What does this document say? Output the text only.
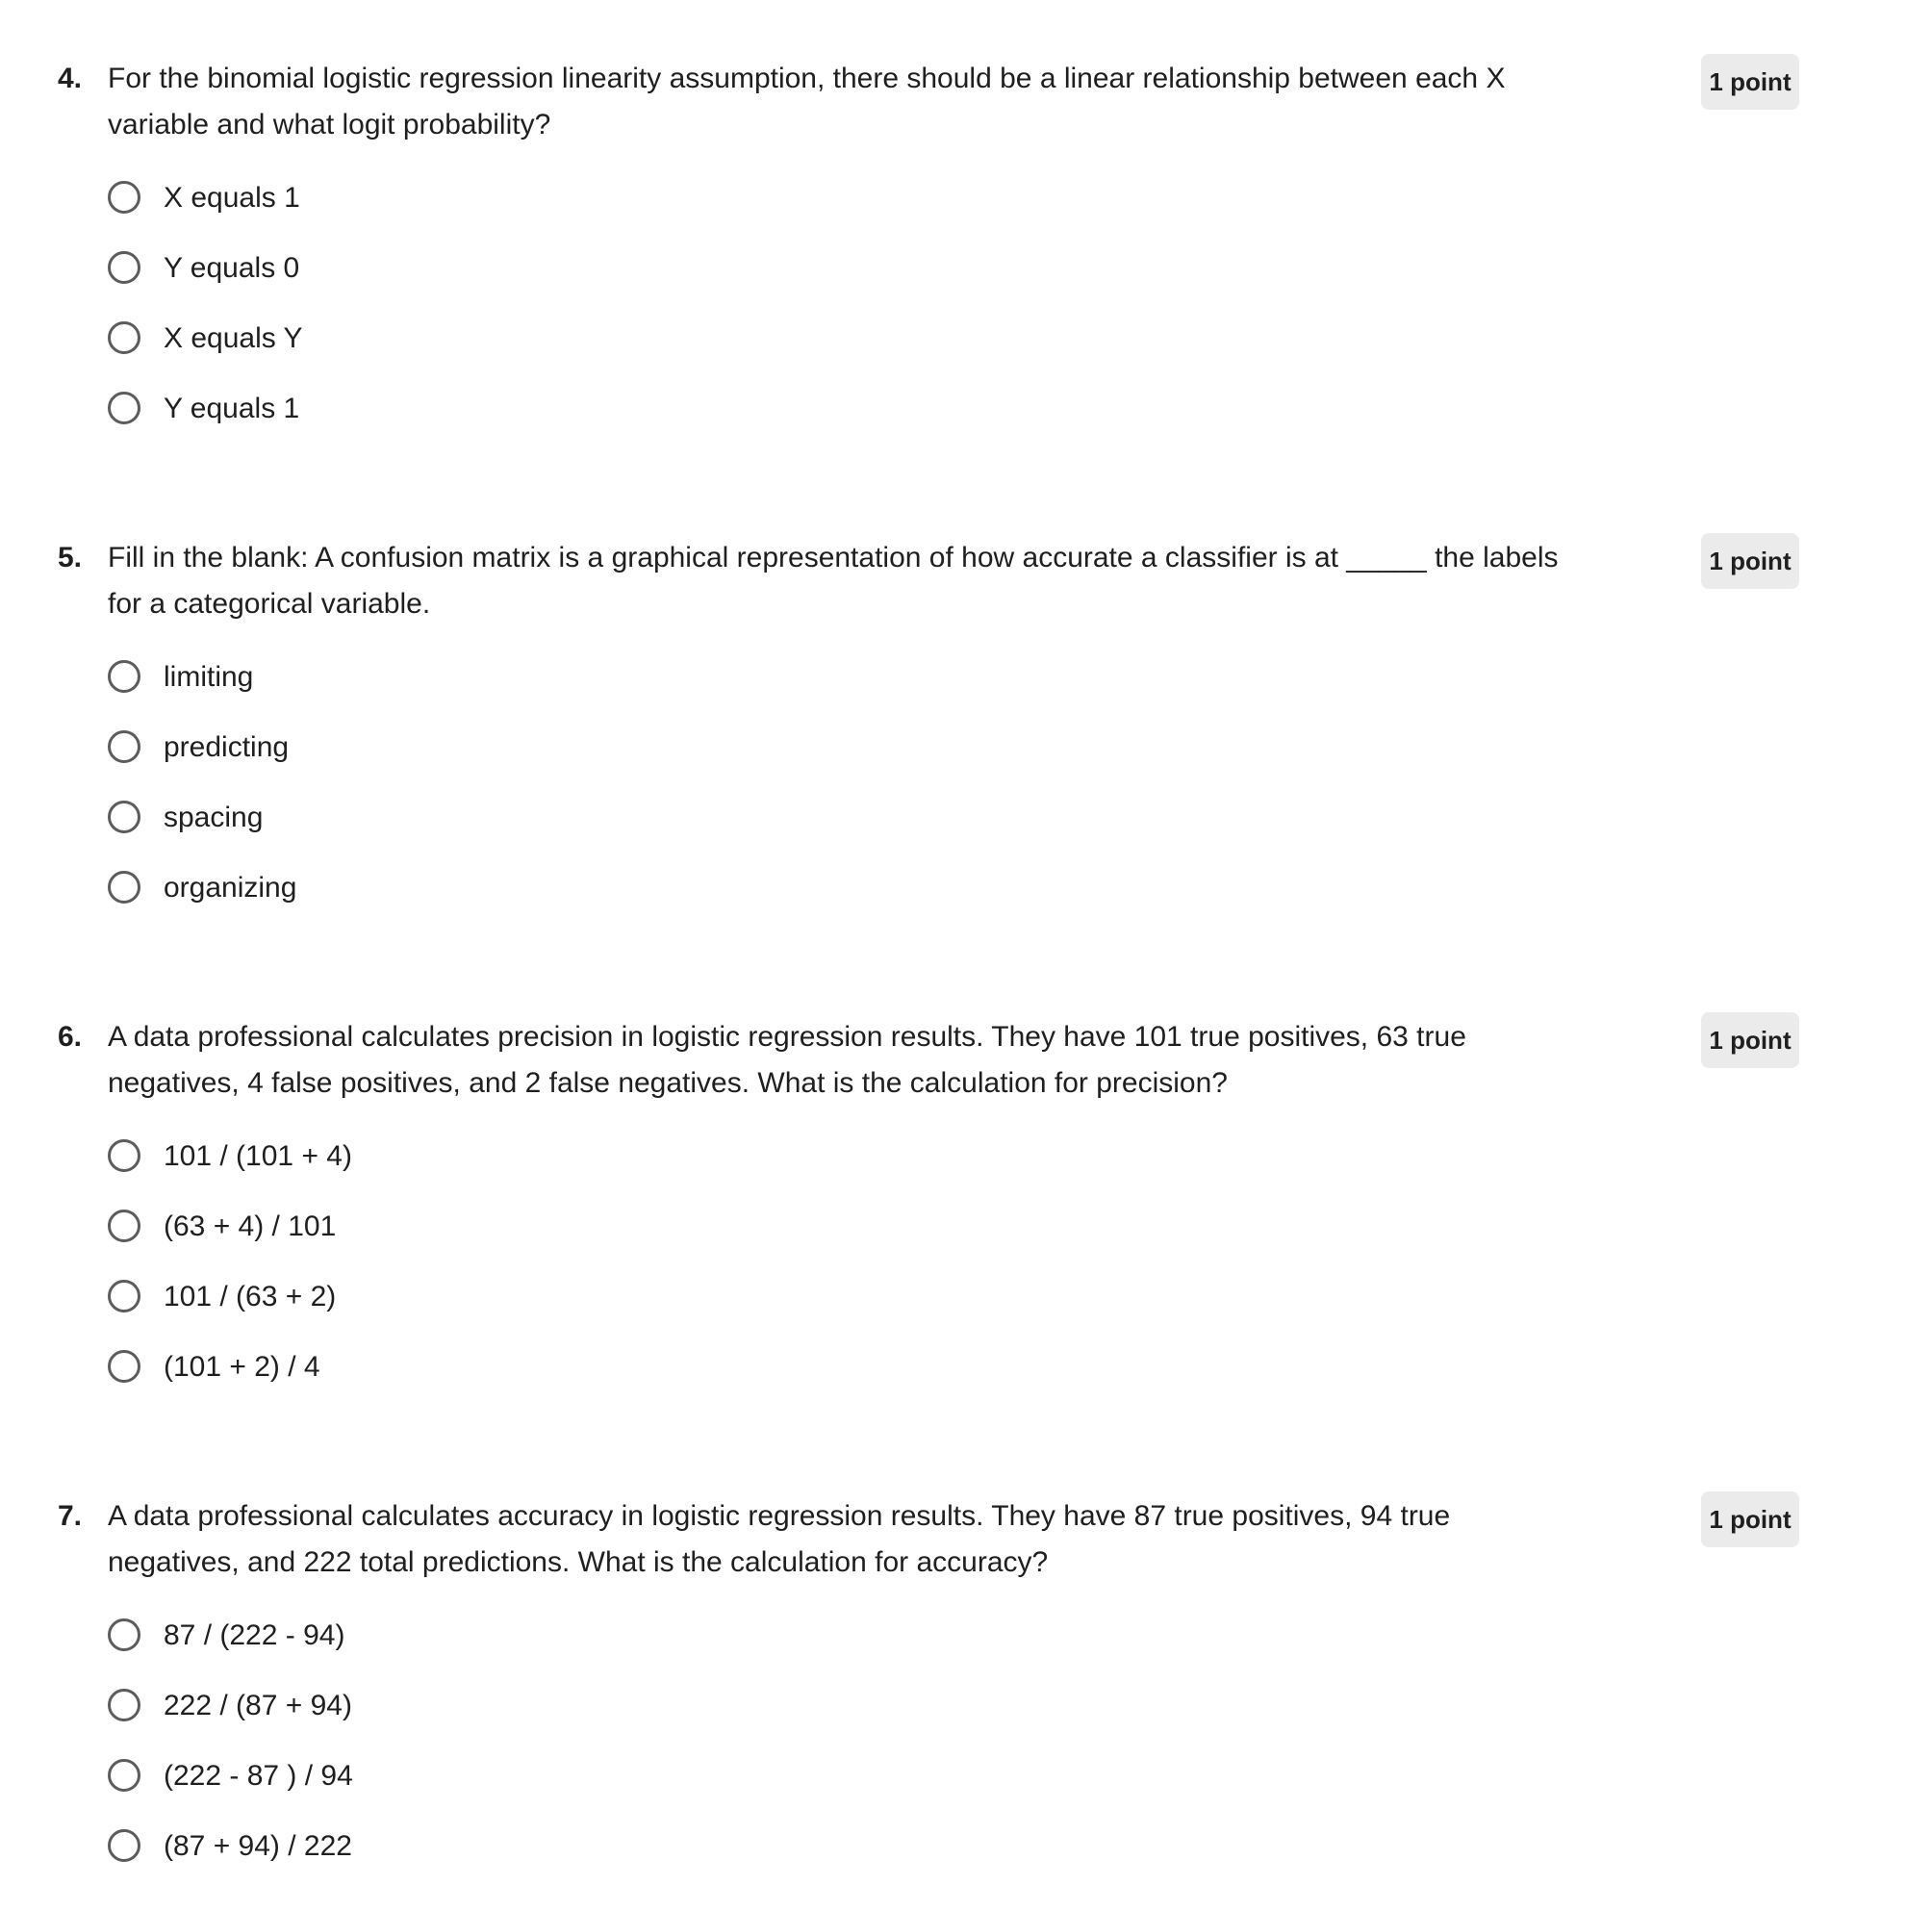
4. For the binomial logistic regression linearity assumption, there should be a linear relationship between each X variable and what logit probability?
1 point
X equals 1
Y equals 0
X equals Y
Y equals 1
5. Fill in the blank: A confusion matrix is a graphical representation of how accurate a classifier is at _____ the labels for a categorical variable.
1 point
limiting
predicting
spacing
organizing
6. A data professional calculates precision in logistic regression results. They have 101 true positives, 63 true negatives, 4 false positives, and 2 false negatives. What is the calculation for precision?
1 point
101 / (101 + 4)
(63 + 4) / 101
101 / (63 + 2)
(101 + 2) / 4
7. A data professional calculates accuracy in logistic regression results. They have 87 true positives, 94 true negatives, and 222 total predictions. What is the calculation for accuracy?
1 point
87 / (222 - 94)
222 / (87 + 94)
(222 - 87 ) / 94
(87 + 94) / 222
